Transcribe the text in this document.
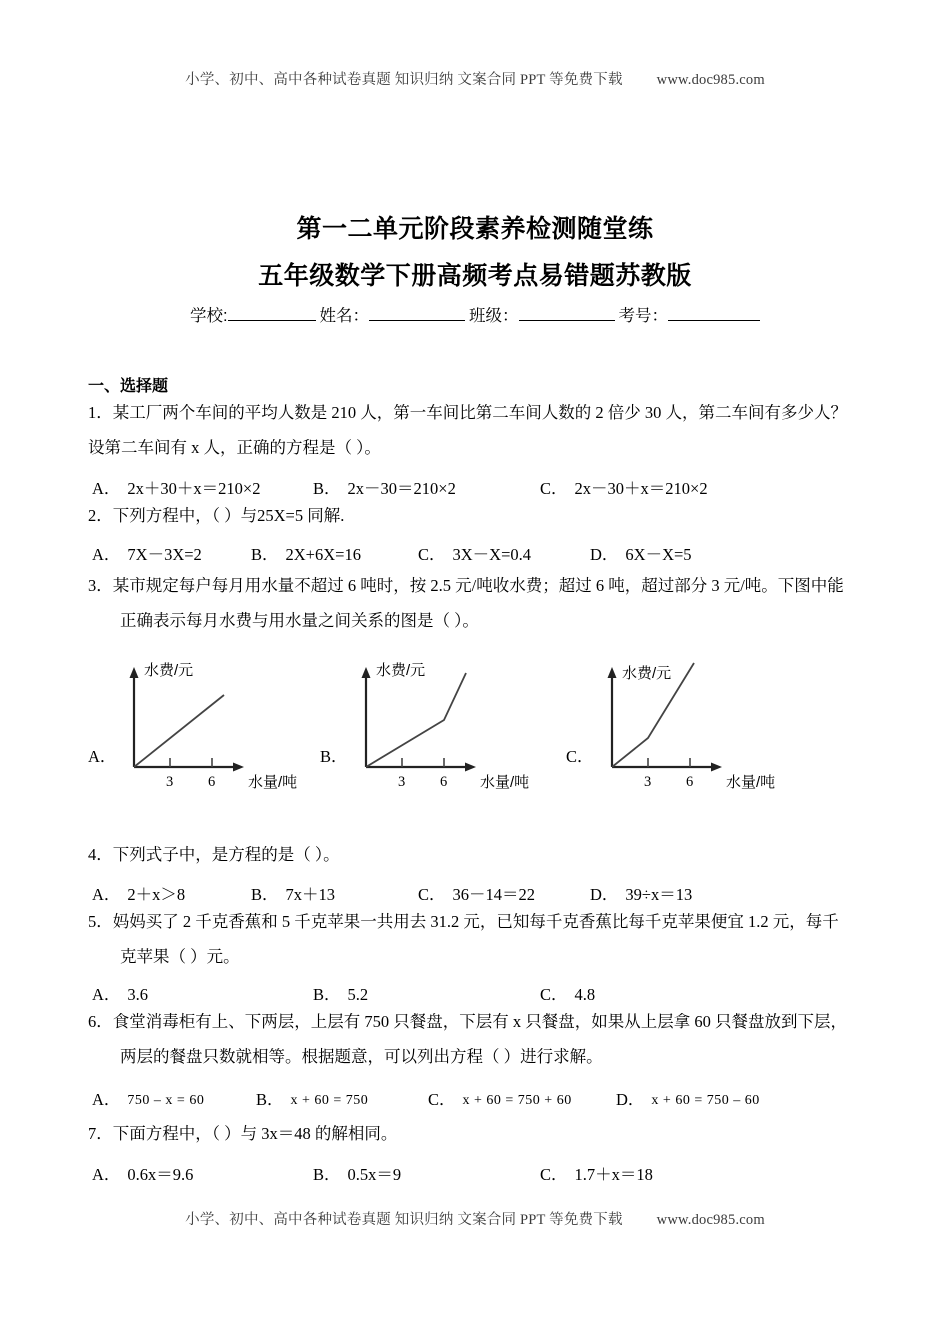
小学、初中、高中各种试卷真题 知识归纳 文案合同 PPT 等免费下载 www.doc985.com
第一二单元阶段素养检测随堂练
五年级数学下册高频考点易错题苏教版
学校:	姓名：	班级：	考号：
一、选择题
1．某工厂两个车间的平均人数是 210 人，第一车间比第二车间人数的 2 倍少 30 人，第二车间有多少人？
设第二车间有 x 人，正确的方程是（ ）。
A． 2x＋30＋x＝210×2	B． 2x－30＝210×2	C． 2x－30＋x＝210×2
2．下列方程中，（ ）与25X=5 同解.
A． 7X－3X=2	B． 2X+6X=16	C． 3X－X=0.4	D． 6X－X=5
3．某市规定每户每月用水量不超过 6 吨时，按 2.5 元/吨收水费；超过 6 吨，超过部分 3 元/吨。下图中能
正确表示每月水费与用水量之间关系的图是（ ）。
A．
水费/元
3 6 水量/吨
B．
水费/元
3 6 水量/吨
C．
水费/元
3 6 水量/吨
4．下列式子中，是方程的是（ ）。
A． 2＋x＞8	B． 7x＋13	C． 36－14＝22	D． 39÷x＝13
5．妈妈买了 2 千克香蕉和 5 千克苹果一共用去 31.2 元，已知每千克香蕉比每千克苹果便宜 1.2 元，每千
克苹果（ ）元。
A． 3.6	B． 5.2	C． 4.8
6．食堂消毒柜有上、下两层，上层有 750 只餐盘，下层有 x 只餐盘，如果从上层拿 60 只餐盘放到下层，
两层的餐盘只数就相等。根据题意，可以列出方程（ ）进行求解。
A． 750 – x = 60	B． x + 60 = 750	C． x + 60 = 750 + 60	D． x + 60 = 750 – 60
7．下面方程中，（ ）与 3x＝48 的解相同。
A． 0.6x＝9.6	B． 0.5x＝9	C． 1.7＋x＝18
小学、初中、高中各种试卷真题 知识归纳 文案合同 PPT 等免费下载 www.doc985.com
